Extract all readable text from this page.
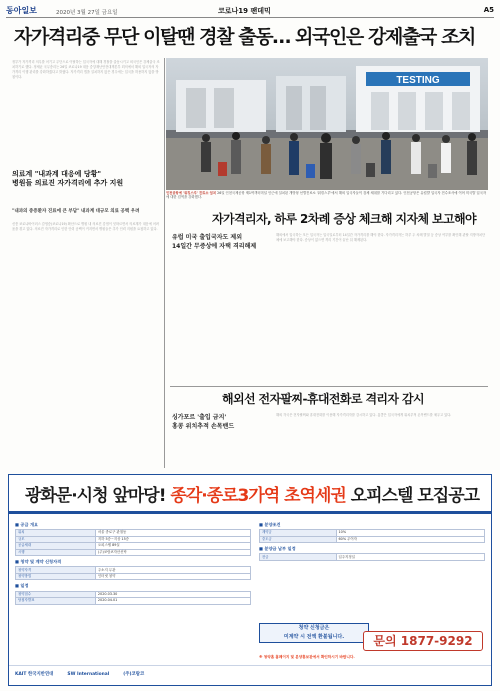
동아일보	2020년 3월 27일 금요일	코로나19 팬데믹	A5
자가격리중 무단 이탈땐 경찰 출동… 외국인은 강제출국 조치
정부가 자가격리 의무를 어기고 무단으로 이탈하는 입국자에 대해 경찰을 출동시키고 외국인은 강제출국 조치하기로 했다. 정세균 국무총리는 26일 코로나19 대응 중앙재난안전대책본부 회의에서 해외 입국자의 자가격리 이행 관리를 강화하겠다고 밝혔다. 자가격리 앱을 설치하지 않은 경우에는 입국을 허용하지 않을 방침이다.	TESTING
인천공항에 '워킹스루' 진료소 설치 26일 인천국제공항 제1여객터미널 인근에 설치된 개방형 선별진료소 '워킹스루'에서 해외 입국자들이 검체 채취를 기다리고 있다. 인천공항은 유럽발 입국자 전수조사에 이어 미국발 입국자에 대한 검역을 강화했다.
의료계 "내과계 대응에 당황"
병원들 의료진 자가격리에 추가 지원
"내과의 중증환자 진료에 큰 부담" 내과계 대규모 의료 공백 우려
신종 코로나바이러스 감염증(코로나19) 확산으로 병원 내 의료진 감염이 잇따르면서 의료계가 대응에 어려움을 겪고 있다. 의료진 자가격리로 인한 인력 공백이 커지면서 병원들은 추가 인력 지원을 요청하고 있다.
자가격리자, 하루 2차례 증상 체크해 지자체 보고해야
유럽 미국 출입국자도 제외
14일간 무증상에 자택 격리해제
해외에서 입국하는 모든 입국자는 입국일로부터 14일간 자가격리를 해야 한다. 자가격리자는 하루 두 차례 발열 등 증상 여부를 확인해 관할 지방자치단체에 보고해야 한다. 증상이 없으면 격리 기간이 끝난 뒤 해제된다.
해외선 전자팔찌-휴대전화로 격리자 감시
싱가포르 '출입 금지'
홍콩 위치추적 손목밴드
해외 각국은 전자팔찌와 휴대전화를 이용해 자가격리자를 감시하고 있다. 홍콩은 입국자에게 위치추적 손목밴드를 채우고 있다.
광화문·시청 앞마당! 종각·종로3가역 초역세권 오피스텔 모집공고
■ 공급 개요
위치	서울 종로구 관철동
규모	지하 5층~지상 15층
공급세대	오피스텔 89실
시행	(주)코람코자산신탁
■ 청약 및 계약 신청자격
청약자격	주소지 무관
청약방법	인터넷 청약
■ 일정
청약접수	2020.03.30
당첨자발표	2020.04.01
■ 분양조건
계약금	10%
중도금	60% 무이자
■ 분양금 납부 일정
잔금	입주지정일
청약 신청금은
미계약 시 전액 환불됩니다.	문의 1877-9292
※ 청약홈 홈페이지 및 분양홍보관에서 확인하시기 바랍니다.
KAIT 한국지반연대	SW International	(주)코람코
